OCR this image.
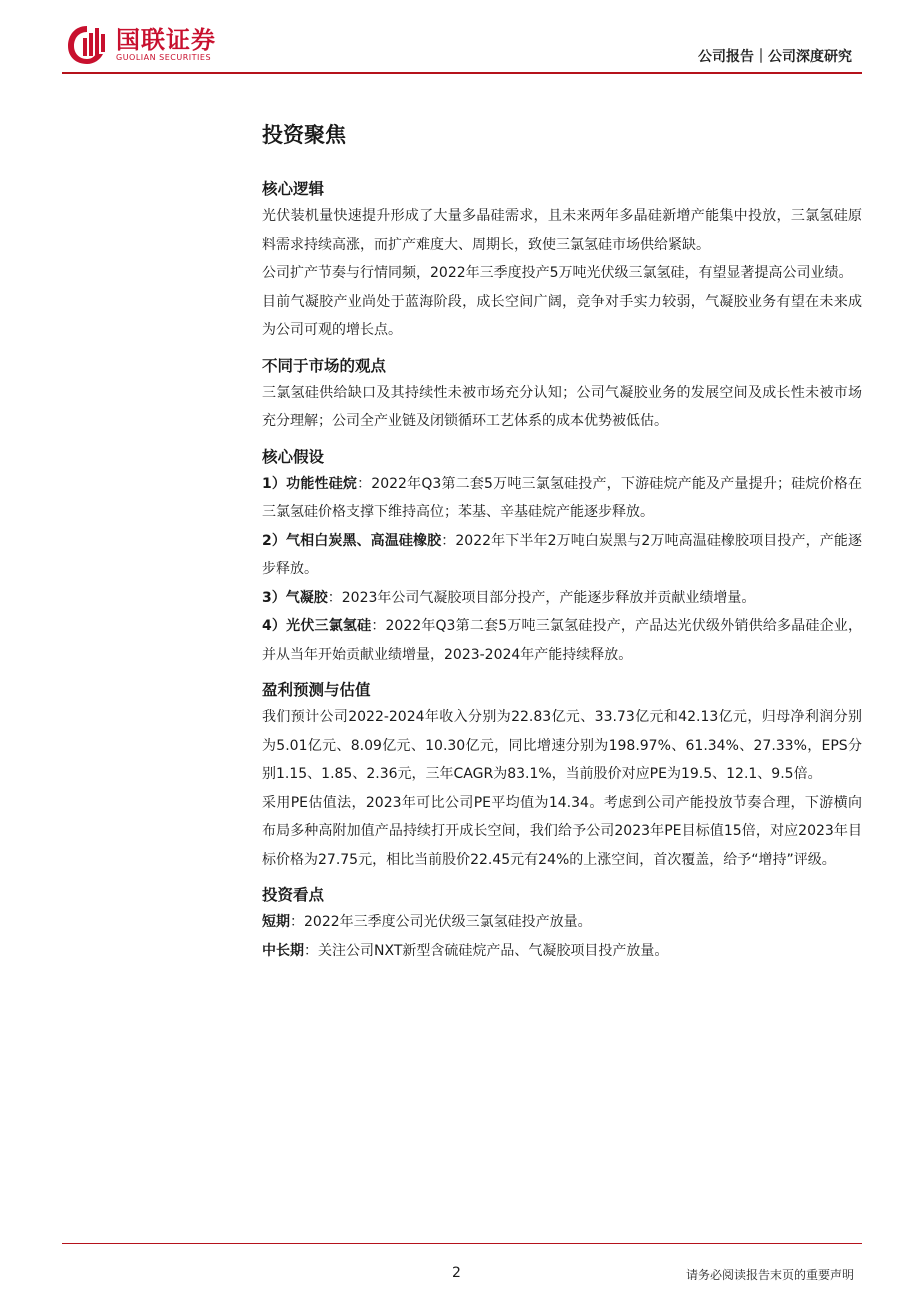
国联证券
GUOLIAN SECURITIES	公司报告｜公司深度研究
投资聚焦
核心逻辑

光伏装机量快速提升形成了大量多晶硅需求，且未来两年多晶硅新增产能集中投放，三氯氢硅原料需求持续高涨，而扩产难度大、周期长，致使三氯氢硅市场供给紧缺。

公司扩产节奏与行情同频，2022年三季度投产5万吨光伏级三氯氢硅，有望显著提高公司业绩。

目前气凝胶产业尚处于蓝海阶段，成长空间广阔，竞争对手实力较弱，气凝胶业务有望在未来成为公司可观的增长点。

不同于市场的观点

三氯氢硅供给缺口及其持续性未被市场充分认知；公司气凝胶业务的发展空间及成长性未被市场充分理解；公司全产业链及闭锁循环工艺体系的成本优势被低估。

核心假设

1）功能性硅烷：2022年Q3第二套5万吨三氯氢硅投产，下游硅烷产能及产量提升；硅烷价格在三氯氢硅价格支撑下维持高位；苯基、辛基硅烷产能逐步释放。

2）气相白炭黑、高温硅橡胶：2022年下半年2万吨白炭黑与2万吨高温硅橡胶项目投产，产能逐步释放。

3）气凝胶：2023年公司气凝胶项目部分投产，产能逐步释放并贡献业绩增量。

4）光伏三氯氢硅：2022年Q3第二套5万吨三氯氢硅投产，产品达光伏级外销供给多晶硅企业，并从当年开始贡献业绩增量，2023-2024年产能持续释放。

盈利预测与估值

我们预计公司2022-2024年收入分别为22.83亿元、33.73亿元和42.13亿元，归母净利润分别为5.01亿元、8.09亿元、10.30亿元，同比增速分别为198.97%、61.34%、27.33%，EPS分别1.15、1.85、2.36元，三年CAGR为83.1%，当前股价对应PE为19.5、12.1、9.5倍。

采用PE估值法，2023年可比公司PE平均值为14.34。考虑到公司产能投放节奏合理，下游横向布局多种高附加值产品持续打开成长空间，我们给予公司2023年PE目标值15倍，对应2023年目标价格为27.75元，相比当前股价22.45元有24%的上涨空间，首次覆盖，给予“增持”评级。

投资看点

短期：2022年三季度公司光伏级三氯氢硅投产放量。

中长期：关注公司NXT新型含硫硅烷产品、气凝胶项目投产放量。

2	请务必阅读报告末页的重要声明
